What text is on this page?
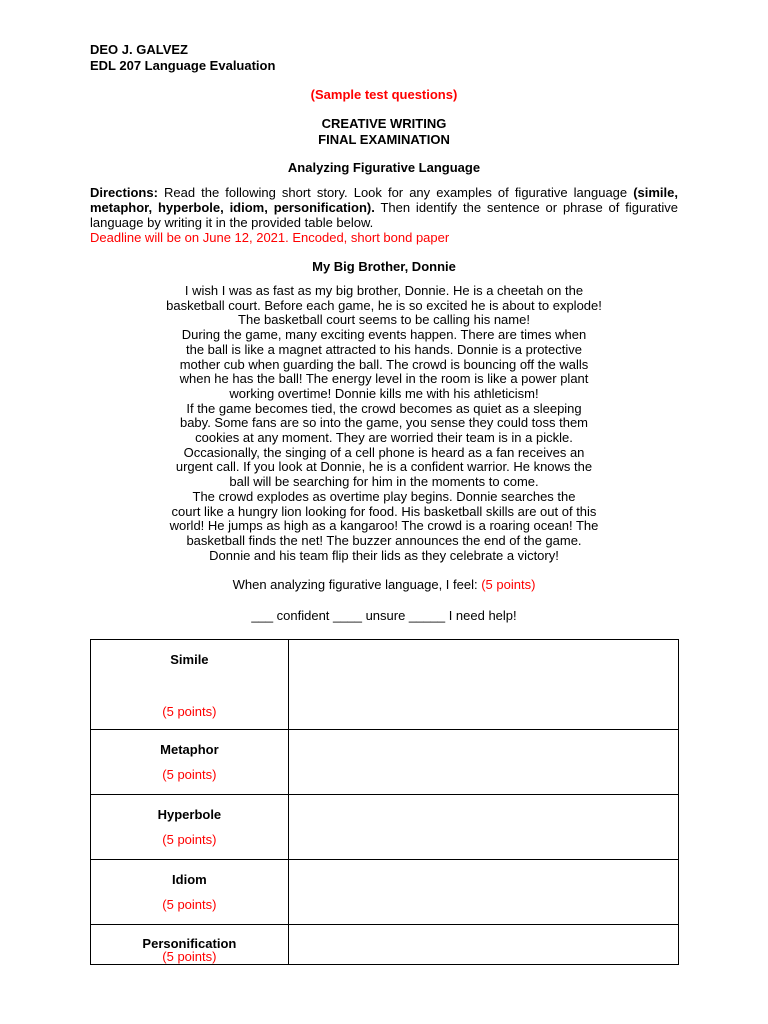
DEO J. GALVEZ
EDL 207 Language Evaluation
(Sample test questions)
CREATIVE WRITING
FINAL EXAMINATION
Analyzing Figurative Language
Directions: Read the following short story. Look for any examples of figurative language (simile, metaphor, hyperbole, idiom, personification). Then identify the sentence or phrase of figurative language by writing it in the provided table below.
Deadline will be on June 12, 2021. Encoded, short bond paper
My Big Brother, Donnie
I wish I was as fast as my big brother, Donnie. He is a cheetah on the
basketball court. Before each game, he is so excited he is about to explode!
The basketball court seems to be calling his name!
During the game, many exciting events happen. There are times when
the ball is like a magnet attracted to his hands. Donnie is a protective
mother cub when guarding the ball. The crowd is bouncing off the walls
when he has the ball! The energy level in the room is like a power plant
working overtime! Donnie kills me with his athleticism!
If the game becomes tied, the crowd becomes as quiet as a sleeping
baby. Some fans are so into the game, you sense they could toss them
cookies at any moment. They are worried their team is in a pickle.
Occasionally, the singing of a cell phone is heard as a fan receives an
urgent call. If you look at Donnie, he is a confident warrior. He knows the
ball will be searching for him in the moments to come.
The crowd explodes as overtime play begins. Donnie searches the
court like a hungry lion looking for food. His basketball skills are out of this
world! He jumps as high as a kangaroo! The crowd is a roaring ocean! The
basketball finds the net! The buzzer announces the end of the game.
Donnie and his team flip their lids as they celebrate a victory!
When analyzing figurative language, I feel: (5 points)
___ confident ____ unsure _____ I need help!
Simile
(5 points)	

Metaphor
(5 points)	

Hyperbole
(5 points)	

Idiom
(5 points)	

Personification
(5 points)	
